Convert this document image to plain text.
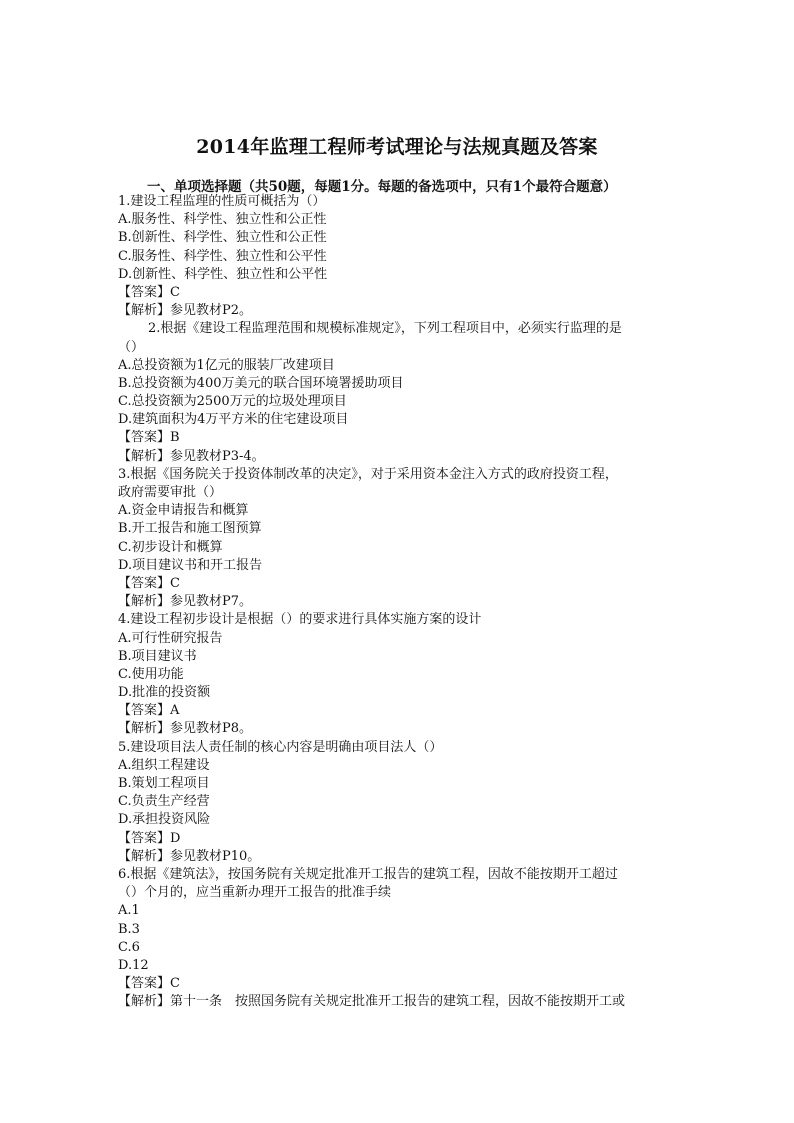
2014年监理工程师考试理论与法规真题及答案
一、单项选择题（共50题，每题1分。每题的备选项中，只有1个最符合题意）
1.建设工程监理的性质可概括为（）
A.服务性、科学性、独立性和公正性
B.创新性、科学性、独立性和公正性
C.服务性、科学性、独立性和公平性
D.创新性、科学性、独立性和公平性
【答案】C
【解析】参见教材P2。
2.根据《建设工程监理范围和规模标准规定》，下列工程项目中，必须实行监理的是
（）
A.总投资额为1亿元的服装厂改建项目
B.总投资额为400万美元的联合国环境署援助项目
C.总投资额为2500万元的垃圾处理项目
D.建筑面积为4万平方米的住宅建设项目
【答案】B
【解析】参见教材P3-4。
3.根据《国务院关于投资体制改革的决定》，对于采用资本金注入方式的政府投资工程，
政府需要审批（）
A.资金申请报告和概算
B.开工报告和施工图预算
C.初步设计和概算
D.项目建议书和开工报告
【答案】C
【解析】参见教材P7。
4.建设工程初步设计是根据（）的要求进行具体实施方案的设计
A.可行性研究报告
B.项目建议书
C.使用功能
D.批准的投资额
【答案】A
【解析】参见教材P8。
5.建设项目法人责任制的核心内容是明确由项目法人（）
A.组织工程建设
B.策划工程项目
C.负责生产经营
D.承担投资风险
【答案】D
【解析】参见教材P10。
6.根据《建筑法》，按国务院有关规定批准开工报告的建筑工程，因故不能按期开工超过
（）个月的，应当重新办理开工报告的批准手续
A.1
B.3
C.6
D.12
【答案】C
【解析】第十一条　按照国务院有关规定批准开工报告的建筑工程，因故不能按期开工或
